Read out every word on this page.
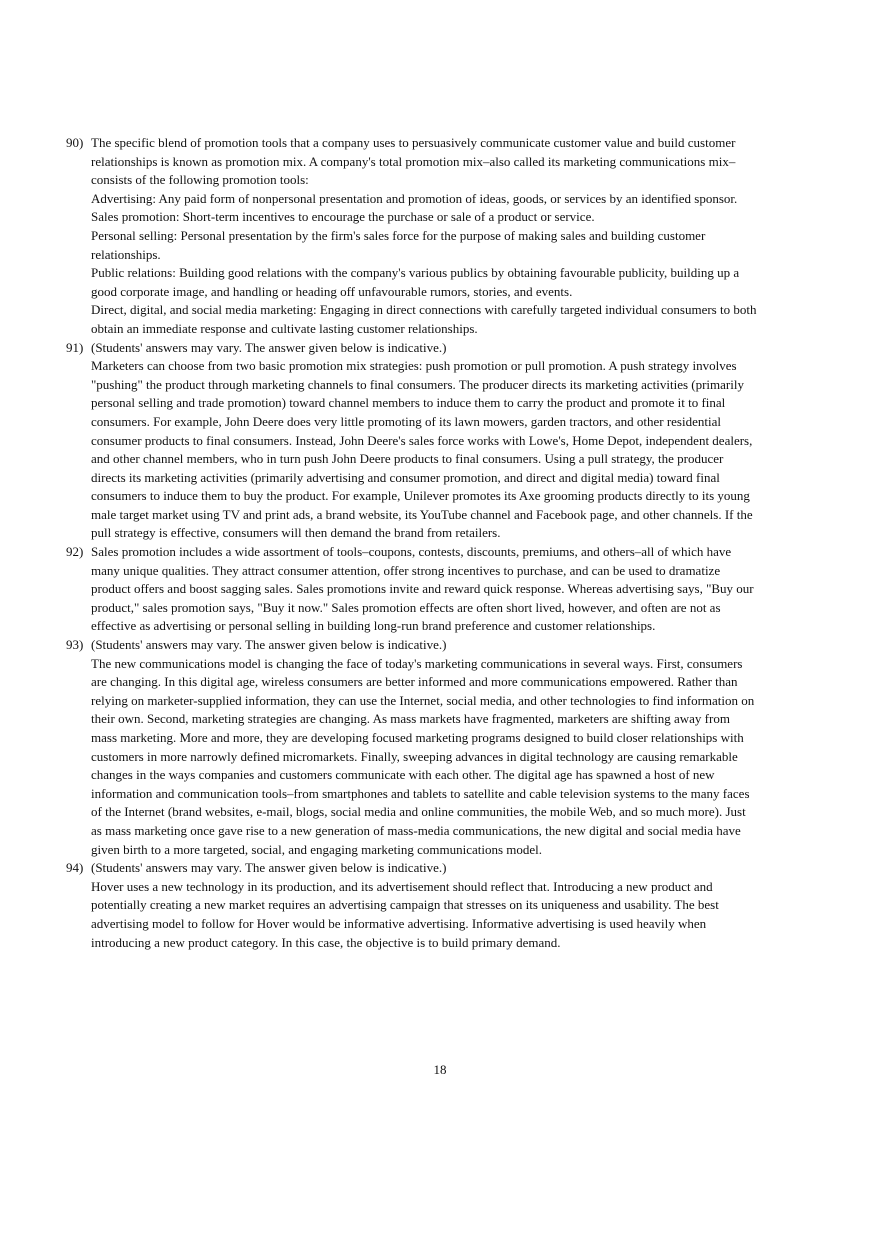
90) The specific blend of promotion tools that a company uses to persuasively communicate customer value and build customer relationships is known as promotion mix. A company's total promotion mix–also called its marketing communications mix–consists of the following promotion tools:

Advertising: Any paid form of nonpersonal presentation and promotion of ideas, goods, or services by an identified sponsor.

Sales promotion: Short-term incentives to encourage the purchase or sale of a product or service.

Personal selling: Personal presentation by the firm's sales force for the purpose of making sales and building customer relationships.

Public relations: Building good relations with the company's various publics by obtaining favourable publicity, building up a good corporate image, and handling or heading off unfavourable rumors, stories, and events.

Direct, digital, and social media marketing: Engaging in direct connections with carefully targeted individual consumers to both obtain an immediate response and cultivate lasting customer relationships.

91) (Students' answers may vary. The answer given below is indicative.)

Marketers can choose from two basic promotion mix strategies: push promotion or pull promotion. A push strategy involves "pushing" the product through marketing channels to final consumers. The producer directs its marketing activities (primarily personal selling and trade promotion) toward channel members to induce them to carry the product and promote it to final consumers. For example, John Deere does very little promoting of its lawn mowers, garden tractors, and other residential consumer products to final consumers. Instead, John Deere's sales force works with Lowe's, Home Depot, independent dealers, and other channel members, who in turn push John Deere products to final consumers. Using a pull strategy, the producer directs its marketing activities (primarily advertising and consumer promotion, and direct and digital media) toward final consumers to induce them to buy the product. For example, Unilever promotes its Axe grooming products directly to its young male target market using TV and print ads, a brand website, its YouTube channel and Facebook page, and other channels. If the pull strategy is effective, consumers will then demand the brand from retailers.

92) Sales promotion includes a wide assortment of tools–coupons, contests, discounts, premiums, and others–all of which have many unique qualities. They attract consumer attention, offer strong incentives to purchase, and can be used to dramatize product offers and boost sagging sales. Sales promotions invite and reward quick response. Whereas advertising says, "Buy our product," sales promotion says, "Buy it now." Sales promotion effects are often short lived, however, and often are not as effective as advertising or personal selling in building long-run brand preference and customer relationships.

93) (Students' answers may vary. The answer given below is indicative.)

The new communications model is changing the face of today's marketing communications in several ways. First, consumers are changing. In this digital age, wireless consumers are better informed and more communications empowered. Rather than relying on marketer-supplied information, they can use the Internet, social media, and other technologies to find information on their own. Second, marketing strategies are changing. As mass markets have fragmented, marketers are shifting away from mass marketing. More and more, they are developing focused marketing programs designed to build closer relationships with customers in more narrowly defined micromarkets. Finally, sweeping advances in digital technology are causing remarkable changes in the ways companies and customers communicate with each other. The digital age has spawned a host of new information and communication tools–from smartphones and tablets to satellite and cable television systems to the many faces of the Internet (brand websites, e-mail, blogs, social media and online communities, the mobile Web, and so much more). Just as mass marketing once gave rise to a new generation of mass-media communications, the new digital and social media have given birth to a more targeted, social, and engaging marketing communications model.

94) (Students' answers may vary. The answer given below is indicative.)

Hover uses a new technology in its production, and its advertisement should reflect that. Introducing a new product and potentially creating a new market requires an advertising campaign that stresses on its uniqueness and usability. The best advertising model to follow for Hover would be informative advertising. Informative advertising is used heavily when introducing a new product category. In this case, the objective is to build primary demand.

18
